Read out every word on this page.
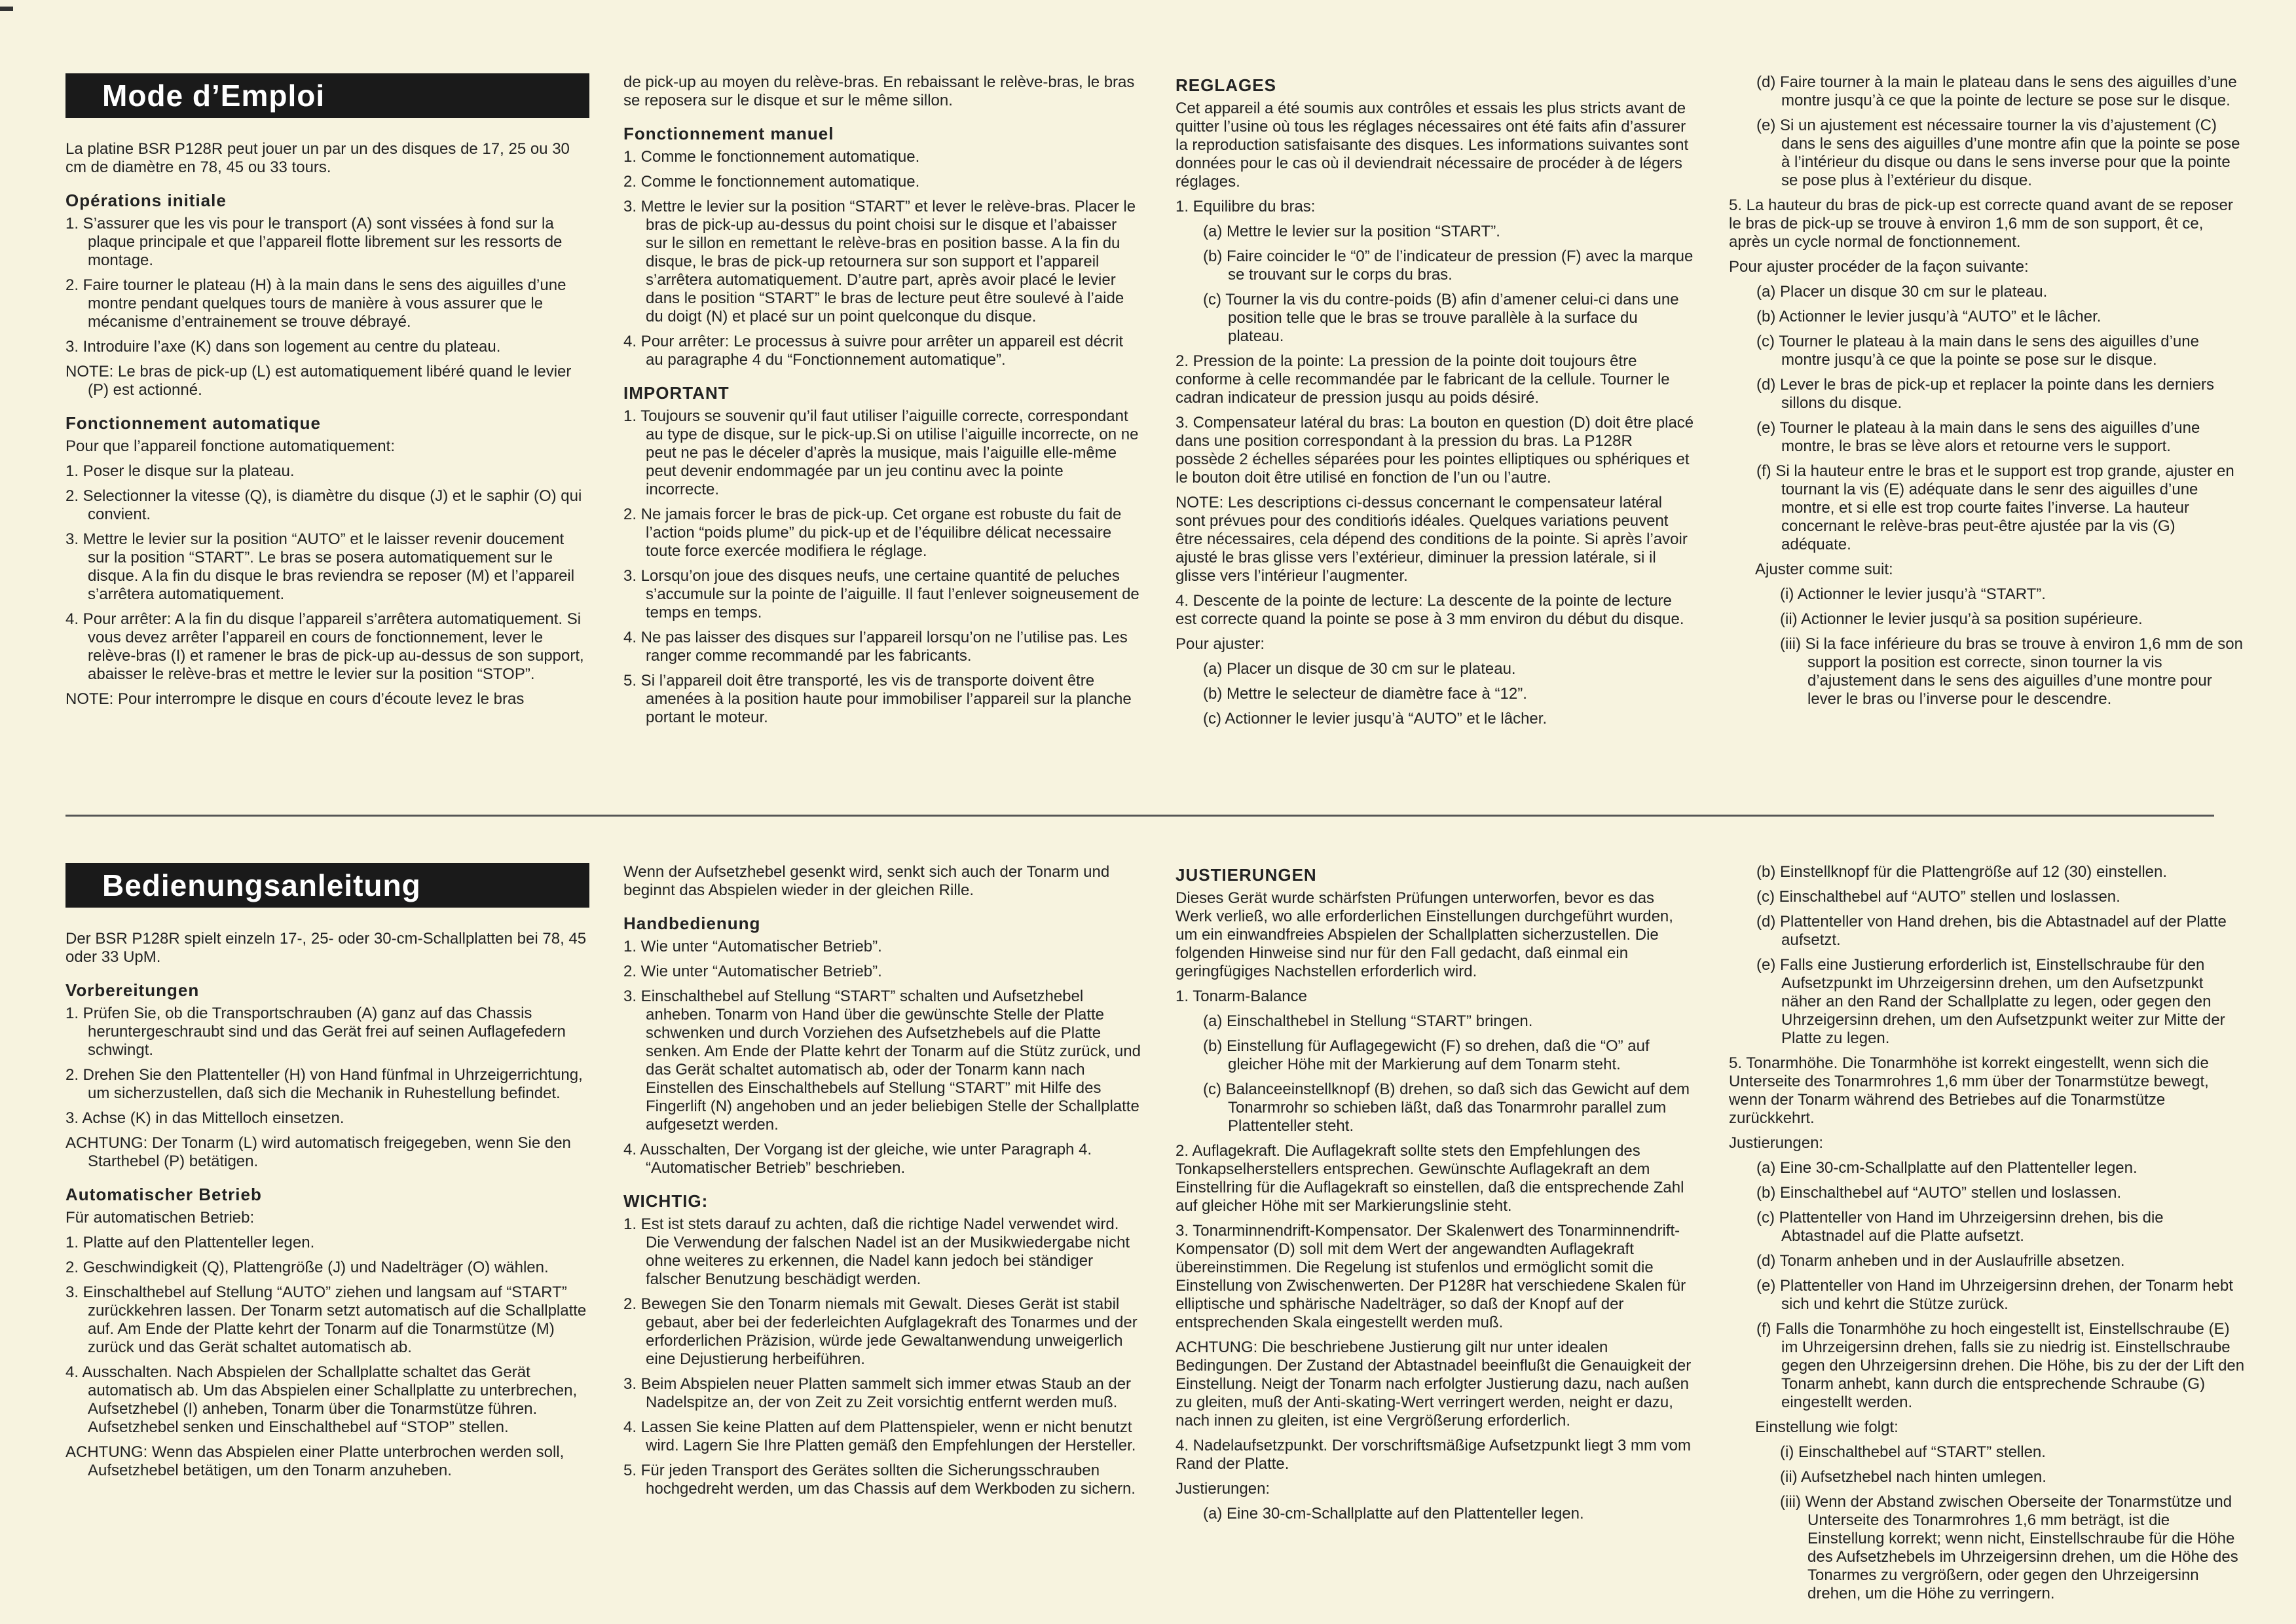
Mode d’Emploi

La platine BSR P128R peut jouer un par un des disques de 17, 25 ou 30 cm de diamètre en 78, 45 ou 33 tours.

Opérations initiale

1. S’assurer que les vis pour le transport (A) sont vissées à fond sur la plaque principale et que l’appareil flotte librement sur les ressorts de montage.

2. Faire tourner le plateau (H) à la main dans le sens des aiguilles d’une montre pendant quelques tours de manière à vous assurer que le mécanisme d’entrainement se trouve débrayé.

3. Introduire l’axe (K) dans son logement au centre du plateau.

NOTE: Le bras de pick-up (L) est automatiquement libéré quand le levier (P) est actionné.

Fonctionnement automatique

Pour que l’appareil fonctione automatiquement:

1. Poser le disque sur la plateau.

2. Selectionner la vitesse (Q), is diamètre du disque (J) et le saphir (O) qui convient.

3. Mettre le levier sur la position “AUTO” et le laisser revenir doucement sur la position “START”. Le bras se posera automatiquement sur le disque. A la fin du disque le bras reviendra se reposer (M) et l’appareil s’arrêtera automatiquement.

4. Pour arrêter: A la fin du disque l’appareil s’arrêtera automatiquement. Si vous devez arrêter l’appareil en cours de fonctionnement, lever le relève-bras (I) et ramener le bras de pick-up au-dessus de son support, abaisser le relève-bras et mettre le levier sur la position “STOP”.

NOTE: Pour interrompre le disque en cours d’écoute levez le bras

de pick-up au moyen du relève-bras. En rebaissant le relève-bras, le bras se reposera sur le disque et sur le même sillon.

Fonctionnement manuel

1. Comme le fonctionnement automatique.

2. Comme le fonctionnement automatique.

3. Mettre le levier sur la position “START” et lever le relève-bras. Placer le bras de pick-up au-dessus du point choisi sur le disque et l’abaisser sur le sillon en remettant le relève-bras en position basse. A la fin du disque, le bras de pick-up retournera sur son support et l’appareil s’arrêtera automatiquement. D’autre part, après avoir placé le levier dans le position “START” le bras de lecture peut être soulevé à l’aide du doigt (N) et placé sur un point quelconque du disque.

4. Pour arrêter: Le processus à suivre pour arrêter un appareil est décrit au paragraphe 4 du “Fonctionnement automatique”.

IMPORTANT

1. Toujours se souvenir qu’il faut utiliser l’aiguille correcte, correspondant au type de disque, sur le pick-up.Si on utilise l’aiguille incorrecte, on ne peut ne pas le déceler d’après la musique, mais l’aiguille elle-même peut devenir endommagée par un jeu continu avec la pointe incorrecte.

2. Ne jamais forcer le bras de pick-up. Cet organe est robuste du fait de l’action “poids plume” du pick-up et de l’équilibre délicat necessaire toute force exercée modifiera le réglage.

3. Lorsqu’on joue des disques neufs, une certaine quantité de peluches s’accumule sur la pointe de l’aiguille. Il faut l’enlever soigneusement de temps en temps.

4. Ne pas laisser des disques sur l’appareil lorsqu’on ne l’utilise pas. Les ranger comme recommandé par les fabricants.

5. Si l’appareil doit être transporté, les vis de transporte doivent être amenées à la position haute pour immobiliser l’appareil sur la planche portant le moteur.

REGLAGES

Cet appareil a été soumis aux contrôles et essais les plus stricts avant de quitter l’usine où tous les réglages nécessaires ont été faits afin d’assurer la reproduction satisfaisante des disques. Les informations suivantes sont données pour le cas où il deviendrait nécessaire de procéder à de légers réglages.

1. Equilibre du bras:

(a) Mettre le levier sur la position “START”.

(b) Faire coincider le “0” de l’indicateur de pression (F) avec la marque se trouvant sur le corps du bras.

(c) Tourner la vis du contre-poids (B) afin d’amener celui-ci dans une position telle que le bras se trouve parallèle à la surface du plateau.

2. Pression de la pointe: La pression de la pointe doit toujours être conforme à celle recommandée par le fabricant de la cellule. Tourner le cadran indicateur de pression jusqu au poids désiré.

3. Compensateur latéral du bras: La bouton en question (D) doit être placé dans une position correspondant à la pression du bras. La P128R possède 2 échelles séparées pour les pointes elliptiques ou sphériques et le bouton doit être utilisé en fonction de l’un ou l’autre.

NOTE: Les descriptions ci-dessus concernant le compensateur latéral sont prévues pour des conditiońs idéales. Quelques variations peuvent être nécessaires, cela dépend des conditions de la pointe. Si après l’avoir ajusté le bras glisse vers l’extérieur, diminuer la pression latérale, si il glisse vers l’intérieur l’augmenter.

4. Descente de la pointe de lecture: La descente de la pointe de lecture est correcte quand la pointe se pose à 3 mm environ du début du disque.

Pour ajuster:

(a) Placer un disque de 30 cm sur le plateau.

(b) Mettre le selecteur de diamètre face à “12”.

(c) Actionner le levier jusqu’à “AUTO” et le lâcher.

(d) Faire tourner à la main le plateau dans le sens des aiguilles d’une montre jusqu’à ce que la pointe de lecture se pose sur le disque.

(e) Si un ajustement est nécessaire tourner la vis d’ajustement (C) dans le sens des aiguilles d’une montre afin que la pointe se pose à l’intérieur du disque ou dans le sens inverse pour que la pointe se pose plus à l’extérieur du disque.

5. La hauteur du bras de pick-up est correcte quand avant de se reposer le bras de pick-up se trouve à environ 1,6 mm de son support, êt ce, après un cycle normal de fonctionnement.

Pour ajuster procéder de la façon suivante:

(a) Placer un disque 30 cm sur le plateau.

(b) Actionner le levier jusqu’à “AUTO” et le lâcher.

(c) Tourner le plateau à la main dans le sens des aiguilles d’une montre jusqu’à ce que la pointe se pose sur le disque.

(d) Lever le bras de pick-up et replacer la pointe dans les derniers sillons du disque.

(e) Tourner le plateau à la main dans le sens des aiguilles d’une montre, le bras se lève alors et retourne vers le support.

(f) Si la hauteur entre le bras et le support est trop grande, ajuster en tournant la vis (E) adéquate dans le senr des aiguilles d’une montre, et si elle est trop courte faites l’inverse. La hauteur concernant le relève-bras peut-être ajustée par la vis (G) adéquate.

Ajuster comme suit:

(i) Actionner le levier jusqu’à “START”.

(ii) Actionner le levier jusqu’à sa position supérieure.

(iii) Si la face inférieure du bras se trouve à environ 1,6 mm de son support la position est correcte, sinon tourner la vis d’ajustement dans le sens des aiguilles d’une montre pour lever le bras ou l’inverse pour le descendre.

Bedienungsanleitung

Der BSR P128R spielt einzeln 17-, 25- oder 30-cm-Schallplatten bei 78, 45 oder 33 UpM.

Vorbereitungen

1. Prüfen Sie, ob die Transportschrauben (A) ganz auf das Chassis heruntergeschraubt sind und das Gerät frei auf seinen Auflagefedern schwingt.

2. Drehen Sie den Plattenteller (H) von Hand fünfmal in Uhrzeigerrichtung, um sicherzustellen, daß sich die Mechanik in Ruhestellung befindet.

3. Achse (K) in das Mittelloch einsetzen.

ACHTUNG: Der Tonarm (L) wird automatisch freigegeben, wenn Sie den Starthebel (P) betätigen.

Automatischer Betrieb

Für automatischen Betrieb:

1. Platte auf den Plattenteller legen.

2. Geschwindigkeit (Q), Plattengröße (J) und Nadelträger (O) wählen.

3. Einschalthebel auf Stellung “AUTO” ziehen und langsam auf “START” zurückkehren lassen. Der Tonarm setzt automatisch auf die Schallplatte auf. Am Ende der Platte kehrt der Tonarm auf die Tonarmstütze (M) zurück und das Gerät schaltet automatisch ab.

4. Ausschalten. Nach Abspielen der Schallplatte schaltet das Gerät automatisch ab. Um das Abspielen einer Schallplatte zu unterbrechen, Aufsetzhebel (I) anheben, Tonarm über die Tonarmstütze führen. Aufsetzhebel senken und Einschalthebel auf “STOP” stellen.

ACHTUNG: Wenn das Abspielen einer Platte unterbrochen werden soll, Aufsetzhebel betätigen, um den Tonarm anzuheben.

Wenn der Aufsetzhebel gesenkt wird, senkt sich auch der Tonarm und beginnt das Abspielen wieder in der gleichen Rille.

Handbedienung

1. Wie unter “Automatischer Betrieb”.

2. Wie unter “Automatischer Betrieb”.

3. Einschalthebel auf Stellung “START” schalten und Aufsetzhebel anheben. Tonarm von Hand über die gewünschte Stelle der Platte schwenken und durch Vorziehen des Aufsetzhebels auf die Platte senken. Am Ende der Platte kehrt der Tonarm auf die Stütz zurück, und das Gerät schaltet automatisch ab, oder der Tonarm kann nach Einstellen des Einschalthebels auf Stellung “START” mit Hilfe des Fingerlift (N) angehoben und an jeder beliebigen Stelle der Schallplatte aufgesetzt werden.

4. Ausschalten, Der Vorgang ist der gleiche, wie unter Paragraph 4. “Automatischer Betrieb” beschrieben.

WICHTIG:

1. Est ist stets darauf zu achten, daß die richtige Nadel verwendet wird. Die Verwendung der falschen Nadel ist an der Musikwiedergabe nicht ohne weiteres zu erkennen, die Nadel kann jedoch bei ständiger falscher Benutzung beschädigt werden.

2. Bewegen Sie den Tonarm niemals mit Gewalt. Dieses Gerät ist stabil gebaut, aber bei der federleichten Aufglagekraft des Tonarmes und der erforderlichen Präzision, würde jede Gewaltanwendung unweigerlich eine Dejustierung herbeiführen.

3. Beim Abspielen neuer Platten sammelt sich immer etwas Staub an der Nadelspitze an, der von Zeit zu Zeit vorsichtig entfernt werden muß.

4. Lassen Sie keine Platten auf dem Plattenspieler, wenn er nicht benutzt wird. Lagern Sie Ihre Platten gemäß den Empfehlungen der Hersteller.

5. Für jeden Transport des Gerätes sollten die Sicherungsschrauben hochgedreht werden, um das Chassis auf dem Werkboden zu sichern.

JUSTIERUNGEN

Dieses Gerät wurde schärfsten Prüfungen unterworfen, bevor es das Werk verließ, wo alle erforderlichen Einstellungen durchgeführt wurden, um ein einwandfreies Abspielen der Schallplatten sicherzustellen. Die folgenden Hinweise sind nur für den Fall gedacht, daß einmal ein geringfügiges Nachstellen erforderlich wird.

1. Tonarm-Balance

(a) Einschalthebel in Stellung “START” bringen.

(b) Einstellung für Auflagegewicht (F) so drehen, daß die “O” auf gleicher Höhe mit der Markierung auf dem Tonarm steht.

(c) Balanceeinstellknopf (B) drehen, so daß sich das Gewicht auf dem Tonarmrohr so schieben läßt, daß das Tonarmrohr parallel zum Plattenteller steht.

2. Auflagekraft. Die Auflagekraft sollte stets den Empfehlungen des Tonkapselherstellers entsprechen. Gewünschte Auflagekraft an dem Einstellring für die Auflagekraft so einstellen, daß die entsprechende Zahl auf gleicher Höhe mit ser Markierungslinie steht.

3. Tonarminnendrift-Kompensator. Der Skalenwert des Tonarminnendrift-Kompensator (D) soll mit dem Wert der angewandten Auflagekraft übereinstimmen. Die Regelung ist stufenlos und ermöglicht somit die Einstellung von Zwischenwerten. Der P128R hat verschiedene Skalen für elliptische und sphärische Nadelträger, so daß der Knopf auf der entsprechenden Skala eingestellt werden muß.

ACHTUNG: Die beschriebene Justierung gilt nur unter idealen Bedingungen. Der Zustand der Abtastnadel beeinflußt die Genauigkeit der Einstellung. Neigt der Tonarm nach erfolgter Justierung dazu, nach außen zu gleiten, muß der Anti-skating-Wert verringert werden, neight er dazu, nach innen zu gleiten, ist eine Vergrößerung erforderlich.

4. Nadelaufsetzpunkt. Der vorschriftsmäßige Aufsetzpunkt liegt 3 mm vom Rand der Platte.

Justierungen:

(a) Eine 30-cm-Schallplatte auf den Plattenteller legen.

(b) Einstellknopf für die Plattengröße auf 12 (30) einstellen.

(c) Einschalthebel auf “AUTO” stellen und loslassen.

(d) Plattenteller von Hand drehen, bis die Abtastnadel auf der Platte aufsetzt.

(e) Falls eine Justierung erforderlich ist, Einstellschraube für den Aufsetzpunkt im Uhrzeigersinn drehen, um den Aufsetzpunkt näher an den Rand der Schallplatte zu legen, oder gegen den Uhrzeigersinn drehen, um den Aufsetzpunkt weiter zur Mitte der Platte zu legen.

5. Tonarmhöhe. Die Tonarmhöhe ist korrekt eingestellt, wenn sich die Unterseite des Tonarmrohres 1,6 mm über der Tonarmstütze bewegt, wenn der Tonarm während des Betriebes auf die Tonarmstütze zurückkehrt.

Justierungen:

(a) Eine 30-cm-Schallplatte auf den Plattenteller legen.

(b) Einschalthebel auf “AUTO” stellen und loslassen.

(c) Plattenteller von Hand im Uhrzeigersinn drehen, bis die Abtastnadel auf die Platte aufsetzt.

(d) Tonarm anheben und in der Auslaufrille absetzen.

(e) Plattenteller von Hand im Uhrzeigersinn drehen, der Tonarm hebt sich und kehrt die Stütze zurück.

(f) Falls die Tonarmhöhe zu hoch eingestellt ist, Einstellschraube (E) im Uhrzeigersinn drehen, falls sie zu niedrig ist. Einstellschraube gegen den Uhrzeigersinn drehen. Die Höhe, bis zu der der Lift den Tonarm anhebt, kann durch die entsprechende Schraube (G) eingestellt werden.

Einstellung wie folgt:

(i) Einschalthebel auf “START” stellen.

(ii) Aufsetzhebel nach hinten umlegen.

(iii) Wenn der Abstand zwischen Oberseite der Tonarmstütze und Unterseite des Tonarmrohres 1,6 mm beträgt, ist die Einstellung korrekt; wenn nicht, Einstellschraube für die Höhe des Aufsetzhebels im Uhrzeigersinn drehen, um die Höhe des Tonarmes zu vergrößern, oder gegen den Uhrzeigersinn drehen, um die Höhe zu verringern.
